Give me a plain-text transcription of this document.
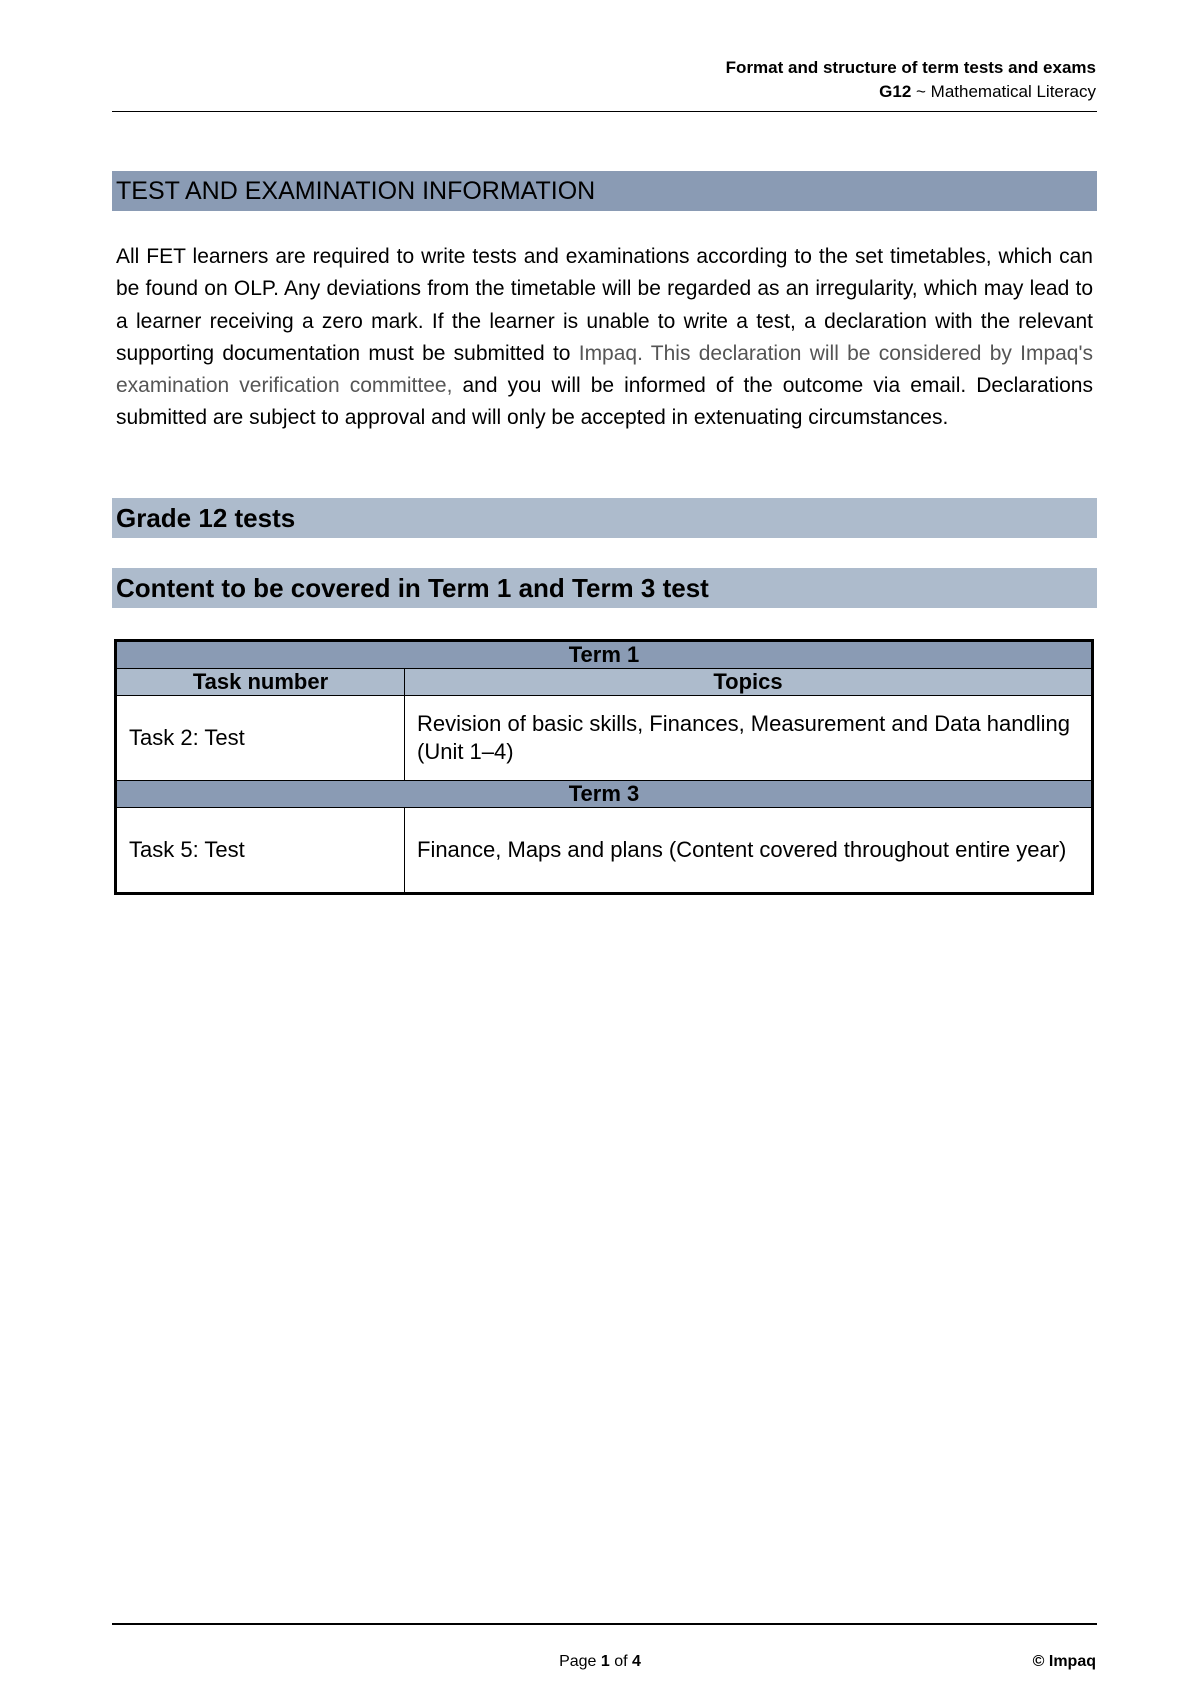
Format and structure of term tests and exams
G12 ~ Mathematical Literacy
TEST AND EXAMINATION INFORMATION

All FET learners are required to write tests and examinations according to the set timetables, which can be found on OLP. Any deviations from the timetable will be regarded as an irregularity, which may lead to a learner receiving a zero mark. If the learner is unable to write a test, a declaration with the relevant supporting documentation must be submitted to Impaq. This declaration will be considered by Impaq's examination verification committee, and you will be informed of the outcome via email. Declarations submitted are subject to approval and will only be accepted in extenuating circumstances.

Grade 12 tests
Content to be covered in Term 1 and Term 3 test
Term 1	
Task number	Topics
Task 2: Test	Revision of basic skills, Finances, Measurement and Data handling (Unit 1–4)
Term 3	
Task 5: Test	Finance, Maps and plans (Content covered throughout entire year)
Page 1 of 4	© Impaq
